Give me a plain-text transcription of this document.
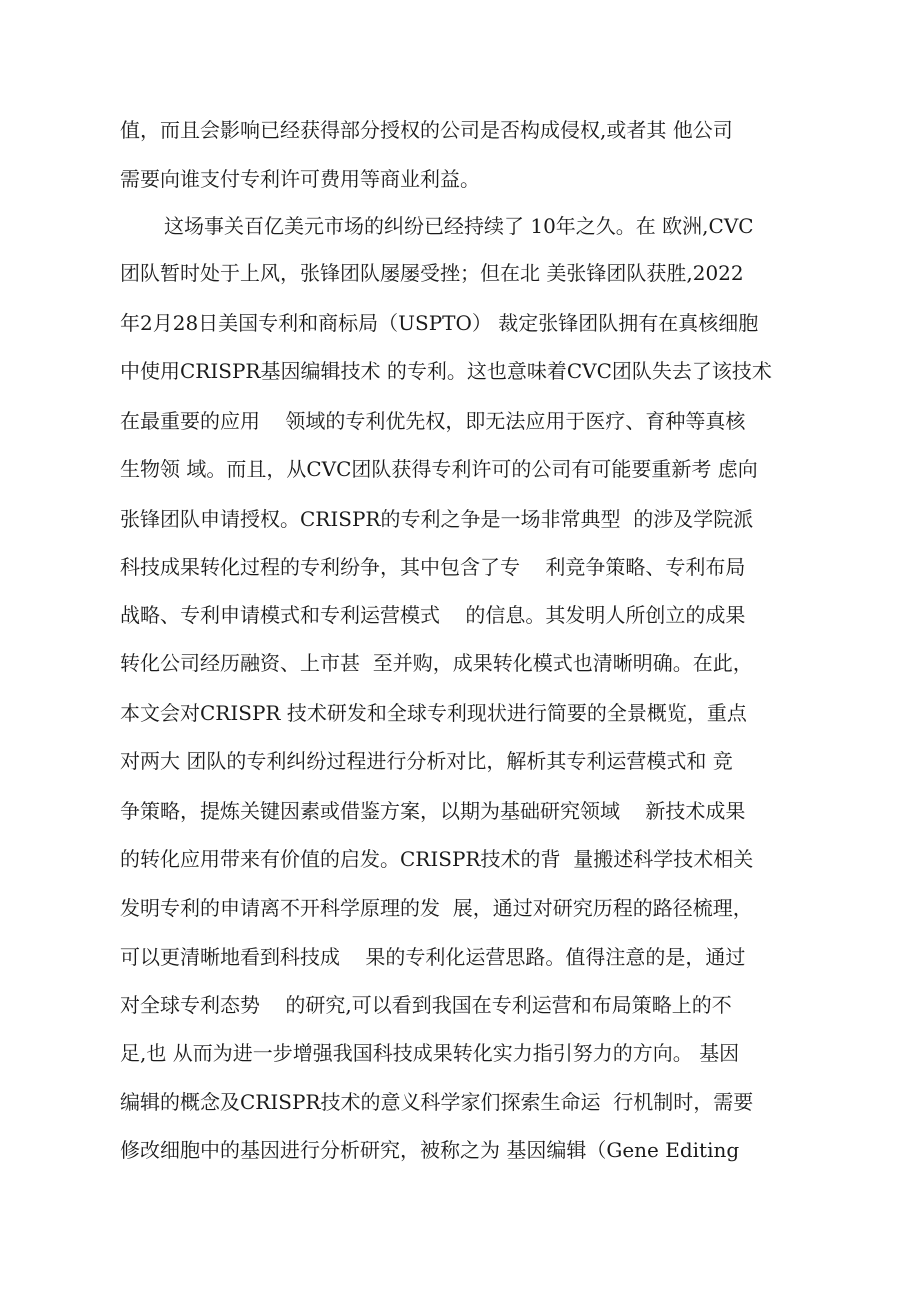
值，而且会影响已经获得部分授权的公司是否构成侵权,或者其 他公司
需要向谁支付专利许可费用等商业利益。
这场事关百亿美元市场的纠纷已经持续了 10年之久。在 欧洲,CVC
团队暂时处于上风，张锋团队屡屡受挫；但在北 美张锋团队获胜,2022
年2月28日美国专利和商标局（USPTO） 裁定张锋团队拥有在真核细胞
中使用CRISPR基因编辑技术 的专利。这也意味着CVC团队失去了该技术
在最重要的应用    领域的专利优先权，即无法应用于医疗、育种等真核
生物领 域。而且，从CVC团队获得专利许可的公司有可能要重新考 虑向
张锋团队申请授权。CRISPR的专利之争是一场非常典型  的涉及学院派
科技成果转化过程的专利纷争，其中包含了专    利竞争策略、专利布局
战略、专利申请模式和专利运营模式    的信息。其发明人所创立的成果
转化公司经历融资、上市甚  至并购，成果转化模式也清晰明确。在此，
本文会对CRISPR 技术研发和全球专利现状进行简要的全景概览，重点
对两大 团队的专利纠纷过程进行分析对比，解析其专利运营模式和 竞
争策略，提炼关键因素或借鉴方案，以期为基础研究领域    新技术成果
的转化应用带来有价值的启发。CRISPR技术的背  量搬述科学技术相关
发明专利的申请离不开科学原理的发  展，通过对研究历程的路径梳理，
可以更清晰地看到科技成    果的专利化运营思路。值得注意的是，通过
对全球专利态势    的研究,可以看到我国在专利运营和布局策略上的不
足,也 从而为进一步增强我国科技成果转化实力指引努力的方向。 基因
编辑的概念及CRISPR技术的意义科学家们探索生命运  行机制时，需要
修改细胞中的基因进行分析研究，被称之为 基因编辑（Gene Editing
